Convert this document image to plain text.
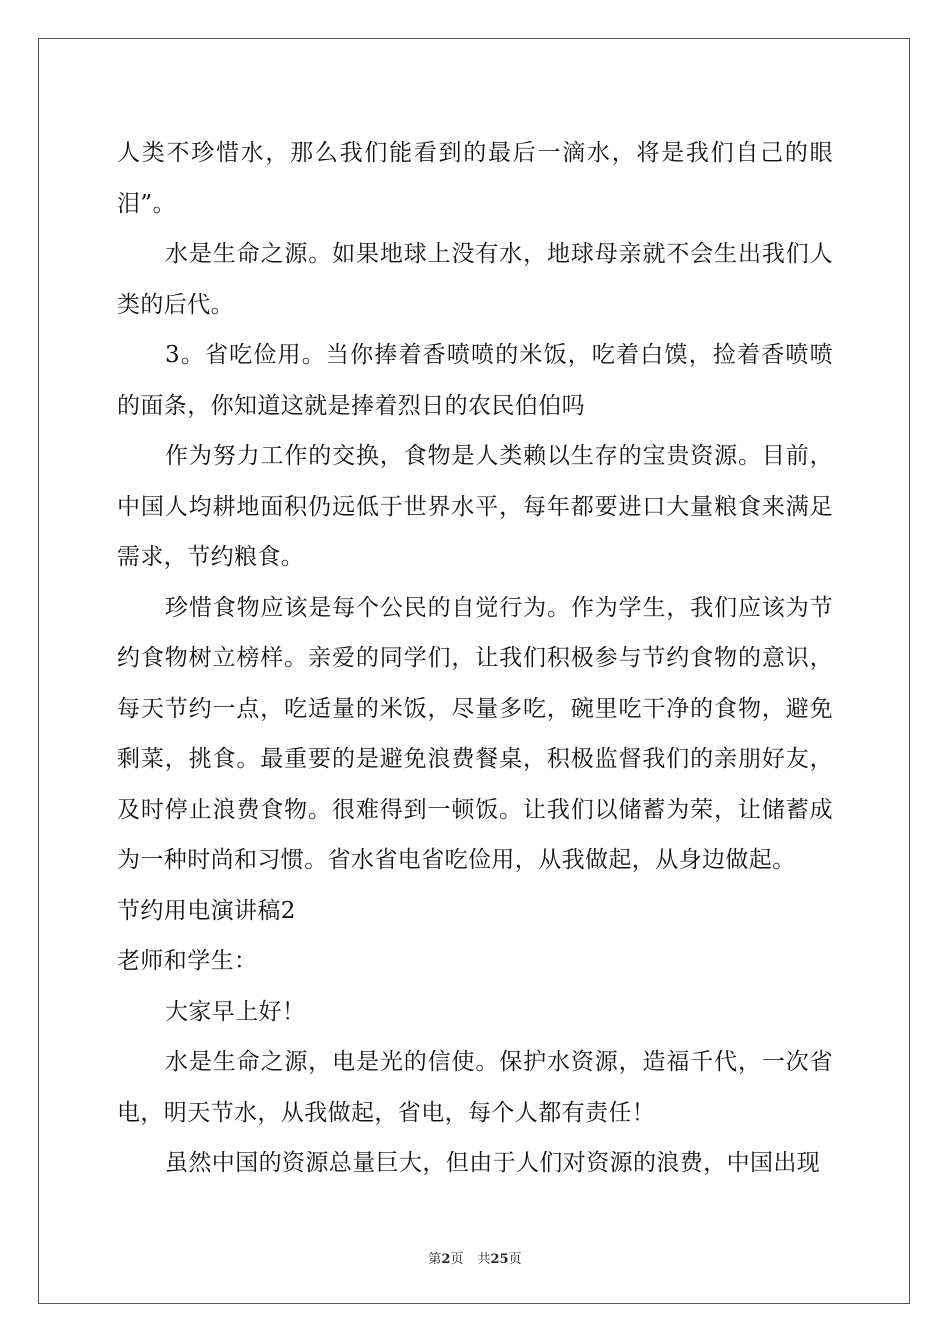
人类不珍惜水，那么我们能看到的最后一滴水，将是我们自己的眼泪”。

水是生命之源。如果地球上没有水，地球母亲就不会生出我们人类的后代。

3。省吃俭用。当你捧着香喷喷的米饭，吃着白馍，捡着香喷喷的面条，你知道这就是捧着烈日的农民伯伯吗

作为努力工作的交换，食物是人类赖以生存的宝贵资源。目前，中国人均耕地面积仍远低于世界水平，每年都要进口大量粮食来满足需求，节约粮食。

珍惜食物应该是每个公民的自觉行为。作为学生，我们应该为节约食物树立榜样。亲爱的同学们，让我们积极参与节约食物的意识，每天节约一点，吃适量的米饭，尽量多吃，碗里吃干净的食物，避免剩菜，挑食。最重要的是避免浪费餐桌，积极监督我们的亲朋好友，及时停止浪费食物。很难得到一顿饭。让我们以储蓄为荣，让储蓄成为一种时尚和习惯。省水省电省吃俭用，从我做起，从身边做起。

节约用电演讲稿2

老师和学生：

大家早上好！

水是生命之源，电是光的信使。保护水资源，造福千代，一次省电，明天节水，从我做起，省电，每个人都有责任！

虽然中国的资源总量巨大，但由于人们对资源的浪费，中国出现

第2页 共25页
